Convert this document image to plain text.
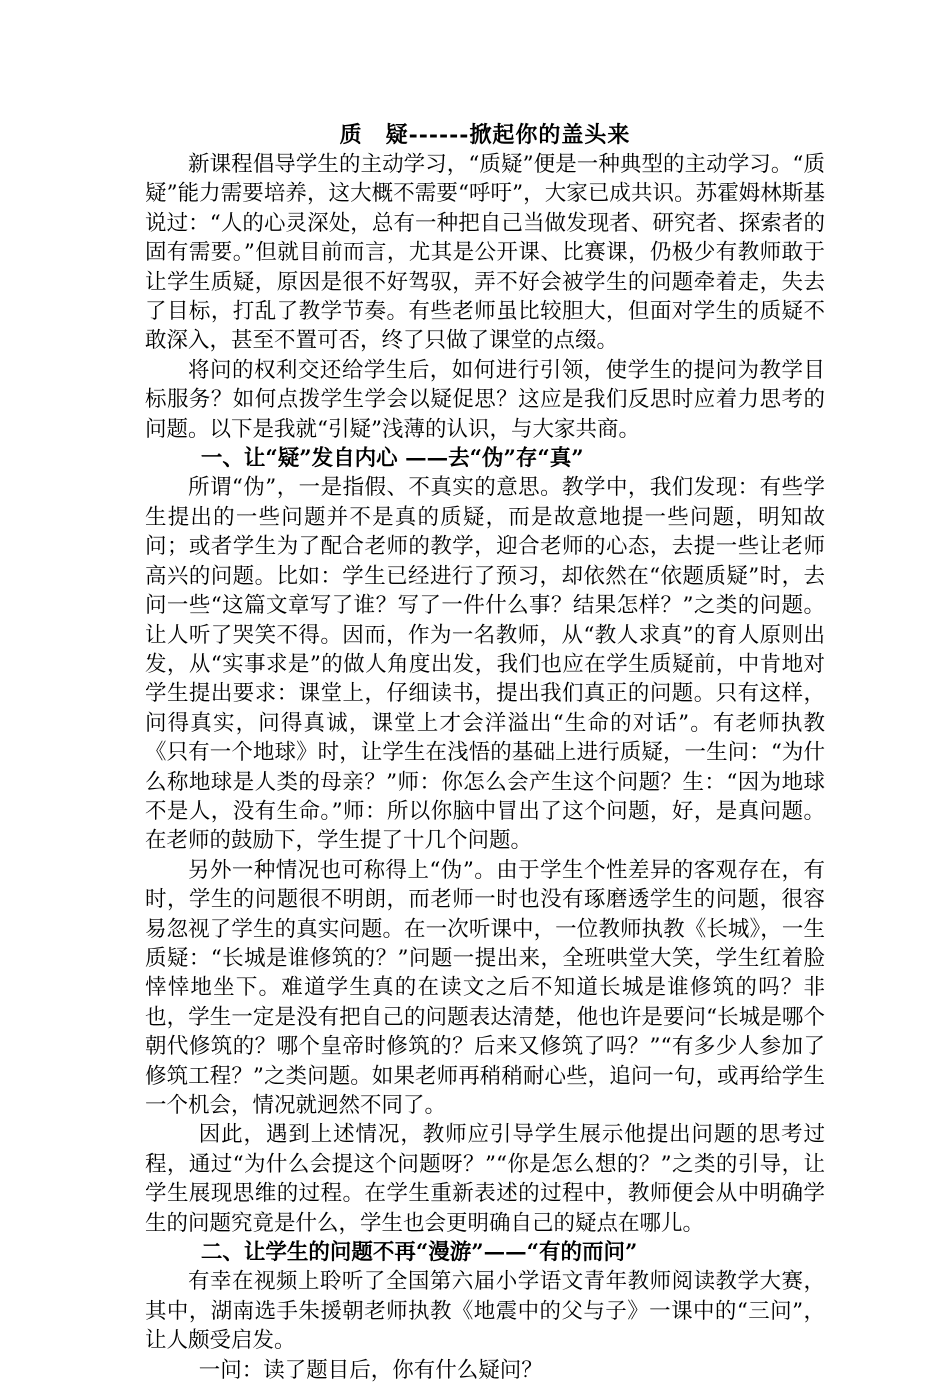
质　疑------掀起你的盖头来

新课程倡导学生的主动学习，“质疑”便是一种典型的主动学习。“质疑”能力需要培养，这大概不需要“呼吁”，大家已成共识。苏霍姆林斯基说过：“人的心灵深处，总有一种把自己当做发现者、研究者、探索者的固有需要。”但就目前而言，尤其是公开课、比赛课，仍极少有教师敢于让学生质疑，原因是很不好驾驭，弄不好会被学生的问题牵着走，失去了目标，打乱了教学节奏。有些老师虽比较胆大，但面对学生的质疑不敢深入，甚至不置可否，终了只做了课堂的点缀。

将问的权利交还给学生后，如何进行引领，使学生的提问为教学目标服务？如何点拨学生学会以疑促思？这应是我们反思时应着力思考的问题。以下是我就“引疑”浅薄的认识，与大家共商。

一、让“疑”发自内心 ——去“伪”存“真”

所谓“伪”，一是指假、不真实的意思。教学中，我们发现：有些学生提出的一些问题并不是真的质疑，而是故意地提一些问题，明知故问；或者学生为了配合老师的教学，迎合老师的心态，去提一些让老师高兴的问题。比如：学生已经进行了预习，却依然在“依题质疑”时，去问一些“这篇文章写了谁？写了一件什么事？结果怎样？”之类的问题。让人听了哭笑不得。因而，作为一名教师，从“教人求真”的育人原则出发，从“实事求是”的做人角度出发，我们也应在学生质疑前，中肯地对学生提出要求：课堂上，仔细读书，提出我们真正的问题。只有这样，问得真实，问得真诚，课堂上才会洋溢出“生命的对话”。有老师执教《只有一个地球》时，让学生在浅悟的基础上进行质疑，一生问：“为什么称地球是人类的母亲？”师：你怎么会产生这个问题？生：“因为地球不是人，没有生命。”师：所以你脑中冒出了这个问题，好，是真问题。在老师的鼓励下，学生提了十几个问题。

另外一种情况也可称得上“伪”。由于学生个性差异的客观存在，有时，学生的问题很不明朗，而老师一时也没有琢磨透学生的问题，很容易忽视了学生的真实问题。在一次听课中，一位教师执教《长城》，一生质疑：“长城是谁修筑的？”问题一提出来，全班哄堂大笑，学生红着脸悻悻地坐下。难道学生真的在读文之后不知道长城是谁修筑的吗？非也，学生一定是没有把自己的问题表达清楚，他也许是要问“长城是哪个朝代修筑的？哪个皇帝时修筑的？后来又修筑了吗？”“有多少人参加了修筑工程？”之类问题。如果老师再稍稍耐心些，追问一句，或再给学生一个机会，情况就迥然不同了。

因此，遇到上述情况，教师应引导学生展示他提出问题的思考过程，通过“为什么会提这个问题呀？”“你是怎么想的？”之类的引导，让学生展现思维的过程。在学生重新表述的过程中，教师便会从中明确学生的问题究竟是什么，学生也会更明确自己的疑点在哪儿。

二、让学生的问题不再“漫游”——“有的而问”

有幸在视频上聆听了全国第六届小学语文青年教师阅读教学大赛，其中，湖南选手朱援朝老师执教《地震中的父与子》一课中的“三问”，让人颇受启发。

一问：读了题目后，你有什么疑问？
